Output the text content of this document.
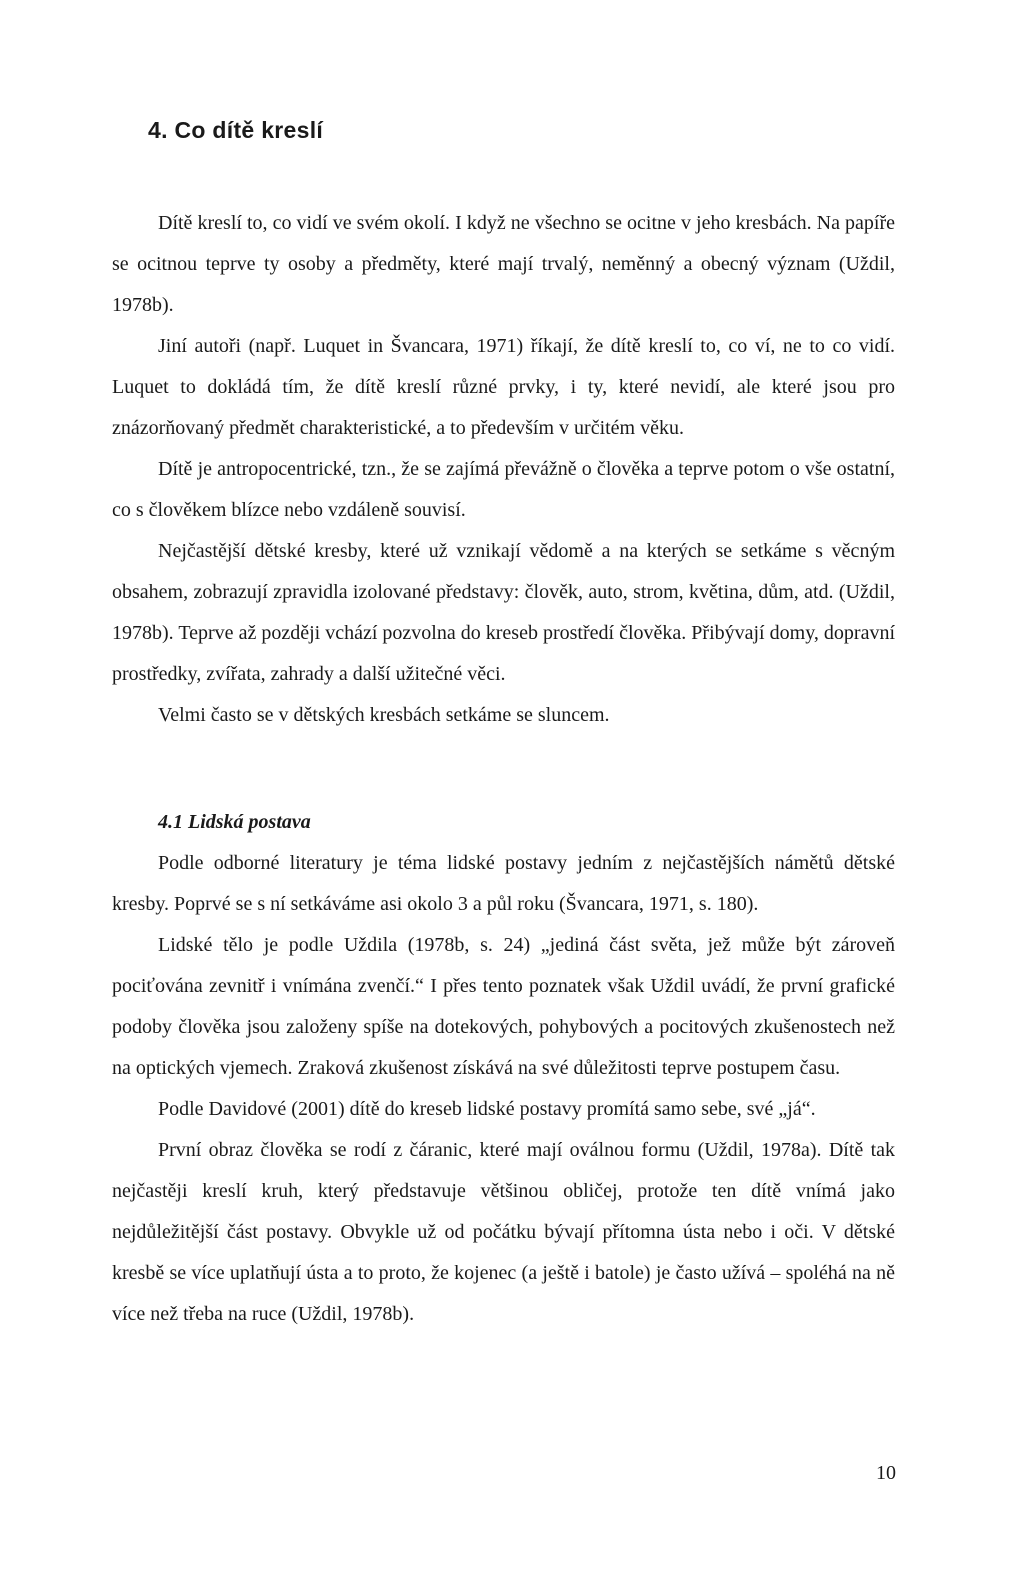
4. Co dítě kreslí

Dítě kreslí to, co vidí ve svém okolí. I když ne všechno se ocitne v jeho kresbách. Na papíře se ocitnou teprve ty osoby a předměty, které mají trvalý, neměnný a obecný význam (Uždil, 1978b).

Jiní autoři (např. Luquet in Švancara, 1971) říkají, že dítě kreslí to, co ví, ne to co vidí. Luquet to dokládá tím, že dítě kreslí různé prvky, i ty, které nevidí, ale které jsou pro znázorňovaný předmět charakteristické, a to především v určitém věku.

Dítě je antropocentrické, tzn., že se zajímá převážně o člověka a teprve potom o vše ostatní, co s člověkem blízce nebo vzdáleně souvisí.

Nejčastější dětské kresby, které už vznikají vědomě a na kterých se setkáme s věcným obsahem, zobrazují zpravidla izolované představy: člověk, auto, strom, květina, dům, atd. (Uždil, 1978b). Teprve až později vchází pozvolna do kreseb prostředí člověka. Přibývají domy, dopravní prostředky, zvířata, zahrady a další užitečné věci.

Velmi často se v dětských kresbách setkáme se sluncem.

4.1 Lidská postava

Podle odborné literatury je téma lidské postavy jedním z nejčastějších námětů dětské kresby. Poprvé se s ní setkáváme asi okolo 3 a půl roku (Švancara, 1971, s. 180).

Lidské tělo je podle Uždila (1978b, s. 24) „jediná část světa, jež může být zároveň pociťována zevnitř i vnímána zvenčí.“ I přes tento poznatek však Uždil uvádí, že první grafické podoby člověka jsou založeny spíše na dotekových, pohybových a pocitových zkušenostech než na optických vjemech. Zraková zkušenost získává na své důležitosti teprve postupem času.

Podle Davidové (2001) dítě do kreseb lidské postavy promítá samo sebe, své „já“.

První obraz člověka se rodí z čáranic, které mají oválnou formu (Uždil, 1978a). Dítě tak nejčastěji kreslí kruh, který představuje většinou obličej, protože ten dítě vnímá jako nejdůležitější část postavy. Obvykle už od počátku bývají přítomna ústa nebo i oči. V dětské kresbě se více uplatňují ústa a to proto, že kojenec (a ještě i batole) je často užívá – spoléhá na ně více než třeba na ruce (Uždil, 1978b).

10
